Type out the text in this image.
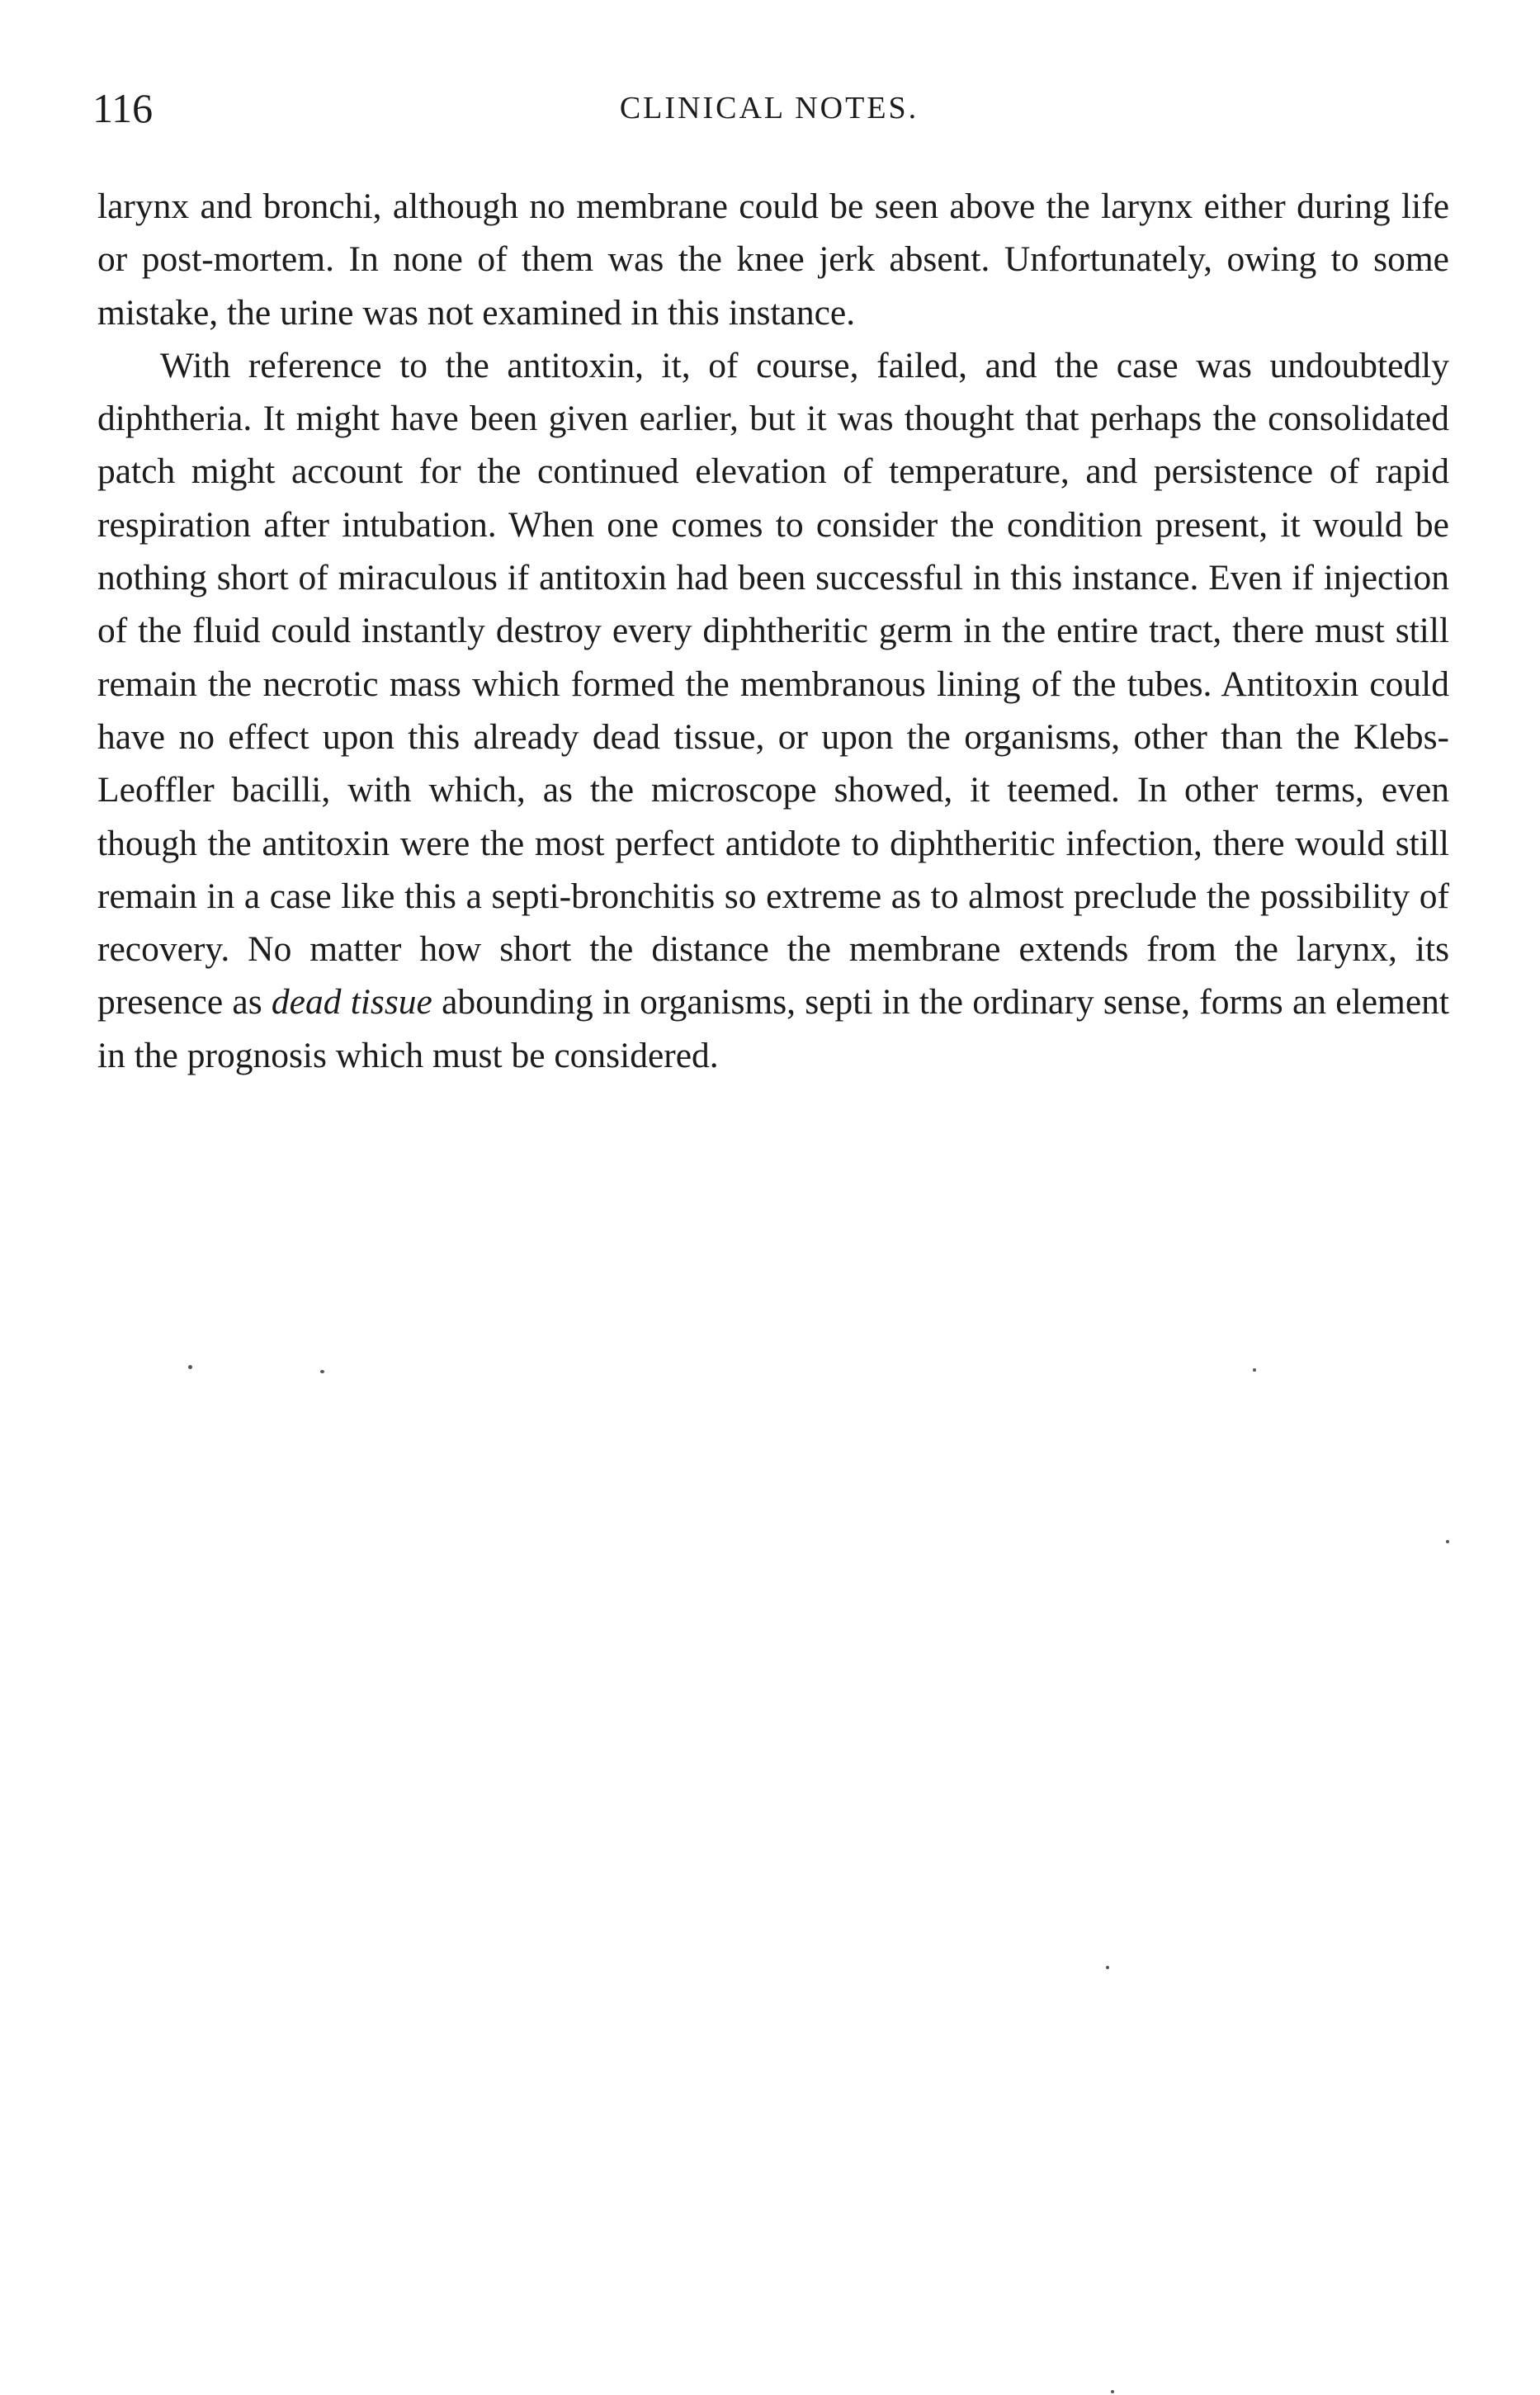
116	CLINICAL NOTES.

larynx and bronchi, although no membrane could be seen above the larynx either during life or post-mortem. In none of them was the knee jerk absent. Unfortunately, owing to some mistake, the urine was not examined in this instance.

With reference to the antitoxin, it, of course, failed, and the case was undoubtedly diphtheria. It might have been given earlier, but it was thought that perhaps the consolidated patch might account for the continued elevation of temperature, and persistence of rapid respiration after intubation. When one comes to consider the condition present, it would be nothing short of miraculous if antitoxin had been successful in this instance. Even if injection of the fluid could instantly destroy every diphtheritic germ in the entire tract, there must still remain the necrotic mass which formed the membranous lining of the tubes. Antitoxin could have no effect upon this already dead tissue, or upon the organisms, other than the Klebs-Leoffler bacilli, with which, as the microscope showed, it teemed. In other terms, even though the antitoxin were the most perfect antidote to diphtheritic infection, there would still remain in a case like this a septi-bronchitis so extreme as to almost preclude the possibility of recovery. No matter how short the distance the membrane extends from the larynx, its presence as dead tissue abounding in organisms, septi in the ordinary sense, forms an element in the prognosis which must be considered.
